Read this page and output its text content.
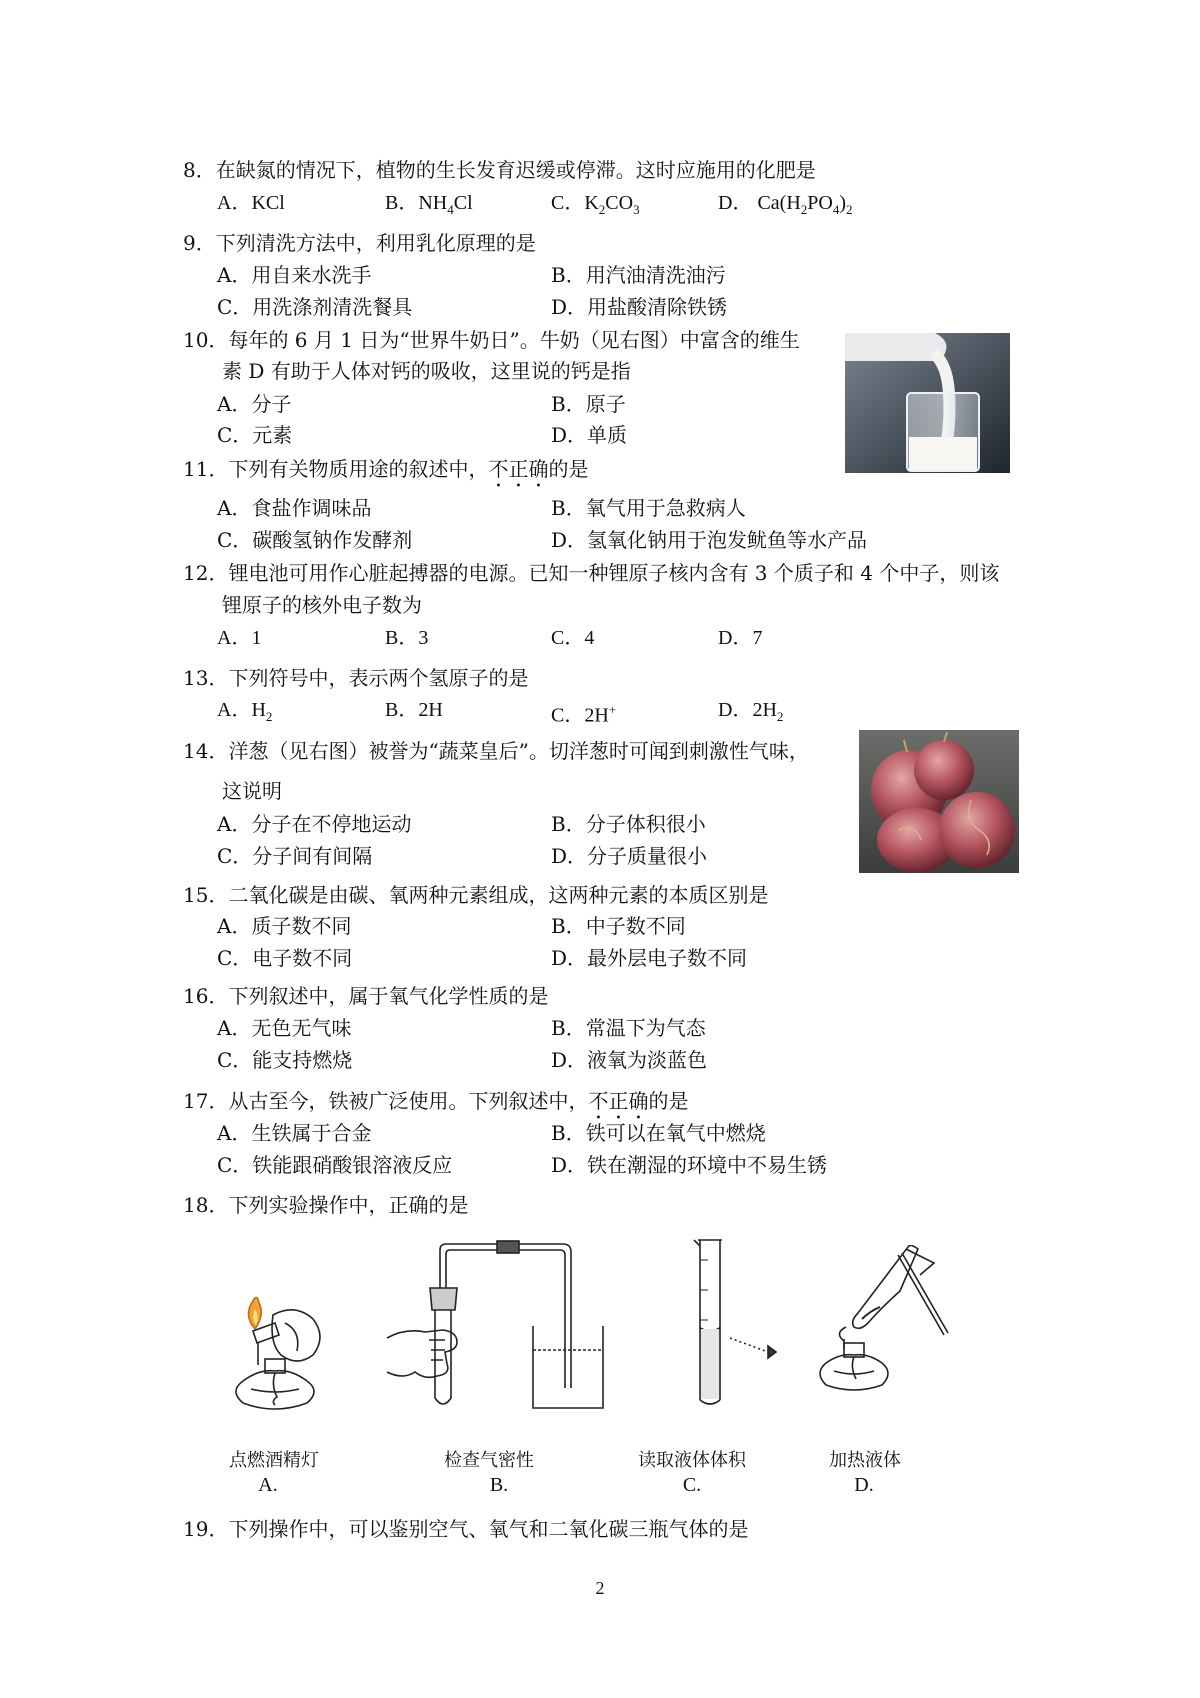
8．在缺氮的情况下，植物的生长发育迟缓或停滞。这时应施用的化肥是
A．KCl	B．$NH_4Cl$	C．$K_2CO_3$	D． $Ca(H_2PO_4)_2$
9．下列清洗方法中，利用乳化原理的是
A．用自来水洗手	B．用汽油清洗油污
C．用洗涤剂清洗餐具	D．用盐酸清除铁锈
10．每年的 6 月 1 日为“世界牛奶日”。牛奶（见右图）中富含的维生
素 D 有助于人体对钙的吸收，这里说的钙是指
A．分子	B．原子
C．元素	D．单质
11．下列有关物质用途的叙述中，不正确的是
A．食盐作调味品	B．氧气用于急救病人
C．碳酸氢钠作发酵剂	D．氢氧化钠用于泡发鱿鱼等水产品
12．锂电池可用作心脏起搏器的电源。已知一种锂原子核内含有 3 个质子和 4 个中子，则该
锂原子的核外电子数为
A．1	B．3	C．4	D．7
13．下列符号中，表示两个氢原子的是
A．$H_2$	B．2H	C．2H+	D．$2H_2$
14．洋葱（见右图）被誉为“蔬菜皇后”。切洋葱时可闻到刺激性气味，
这说明
A．分子在不停地运动	B．分子体积很小
C．分子间有间隔	D．分子质量很小
15．二氧化碳是由碳、氧两种元素组成，这两种元素的本质区别是
A．质子数不同	B．中子数不同
C．电子数不同	D．最外层电子数不同
16．下列叙述中，属于氧气化学性质的是
A．无色无气味	B．常温下为气态
C．能支持燃烧	D．液氧为淡蓝色
17．从古至今，铁被广泛使用。下列叙述中，不正确的是
A．生铁属于合金	B．铁可以在氧气中燃烧
C．铁能跟硝酸银溶液反应	D．铁在潮湿的环境中不易生锈
18．下列实验操作中，正确的是
点燃酒精灯	检查气密性	读取液体体积	加热液体
A.	B.	C.	D.
19．下列操作中，可以鉴别空气、氧气和二氧化碳三瓶气体的是
2
